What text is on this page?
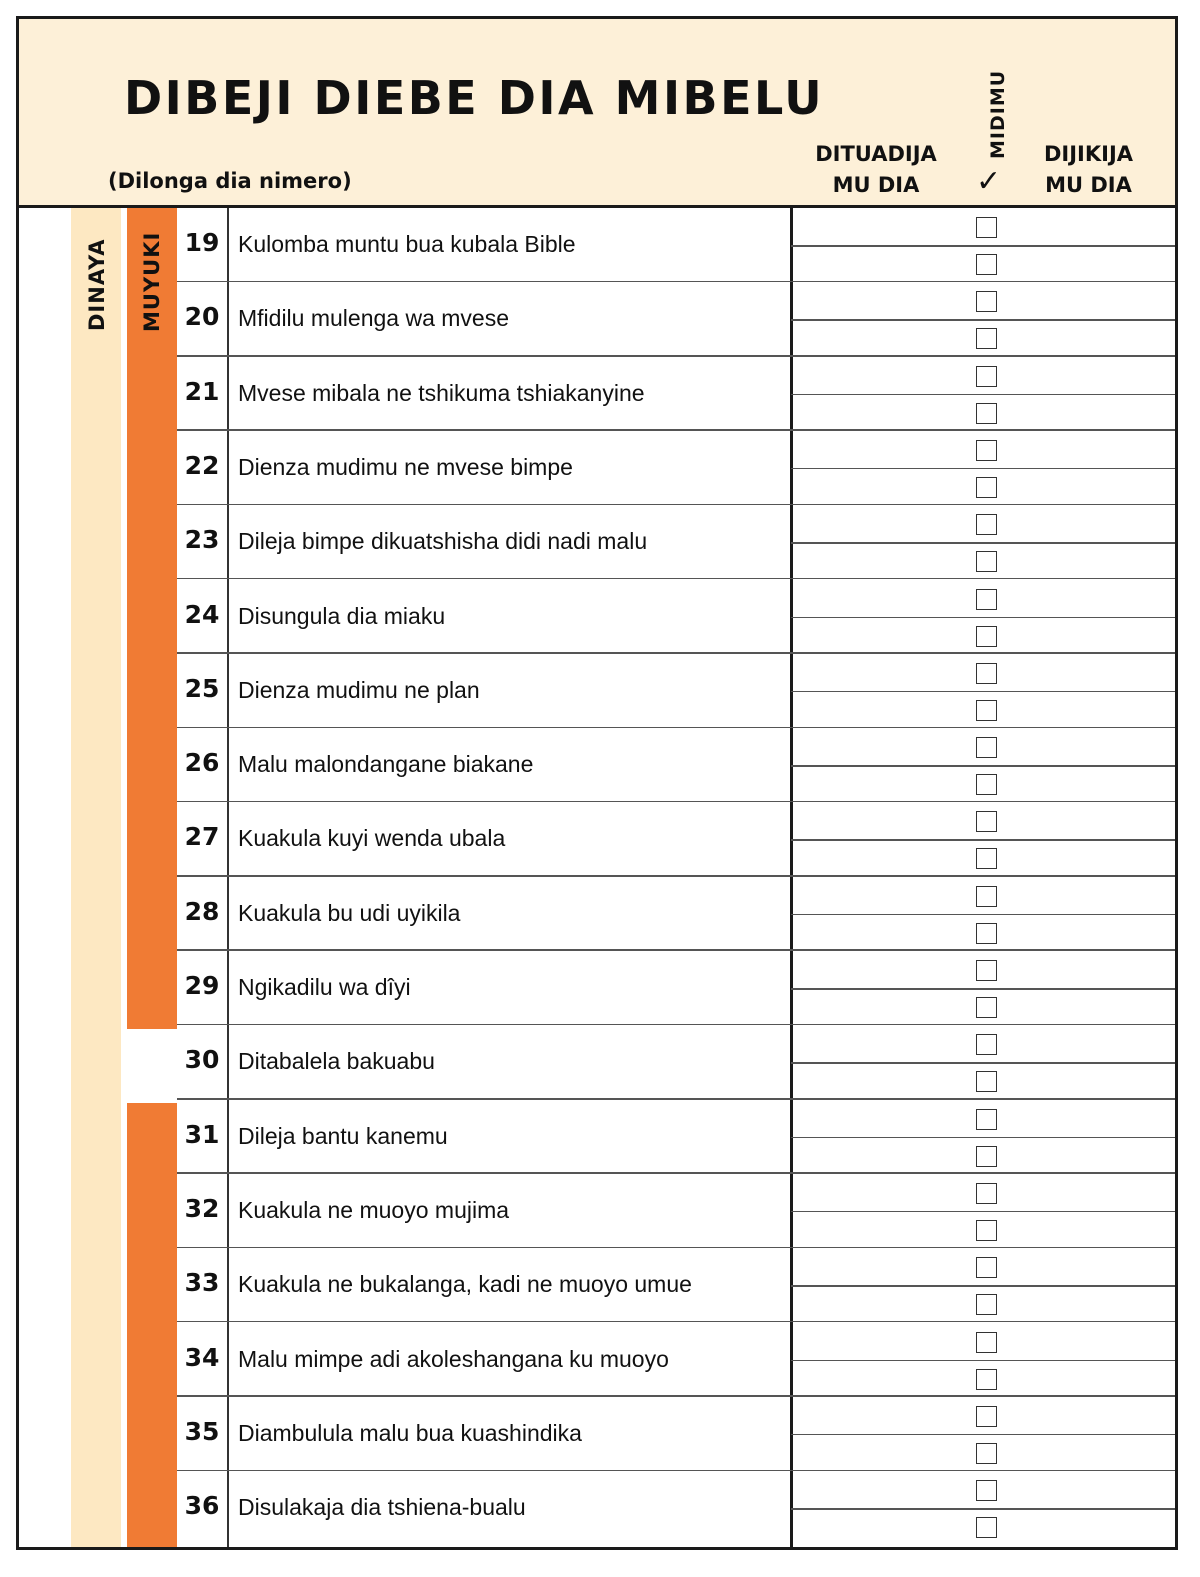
DIBEJI DIEBE DIA MIBELU
(Dilonga dia nimero)
DITUADIJA
MU DIA
MIDIMU
✓
DIJIKIJA
MU DIA
DINAYA MUYUKI 19 Kulomba muntu bua kubala Bible
20 Mfidilu mulenga wa mvese
21 Mvese mibala ne tshikuma tshiakanyine
22 Dienza mudimu ne mvese bimpe
23 Dileja bimpe dikuatshisha didi nadi malu
24 Disungula dia miaku
25 Dienza mudimu ne plan
26 Malu malondangane biakane
27 Kuakula kuyi wenda ubala
28 Kuakula bu udi uyikila
29 Ngikadilu wa dîyi
30 Ditabalela bakuabu
31 Dileja bantu kanemu
32 Kuakula ne muoyo mujima
33 Kuakula ne bukalanga, kadi ne muoyo umue
34 Malu mimpe adi akoleshangana ku muoyo
35 Diambulula malu bua kuashindika
36 Disulakaja dia tshiena-bualu
